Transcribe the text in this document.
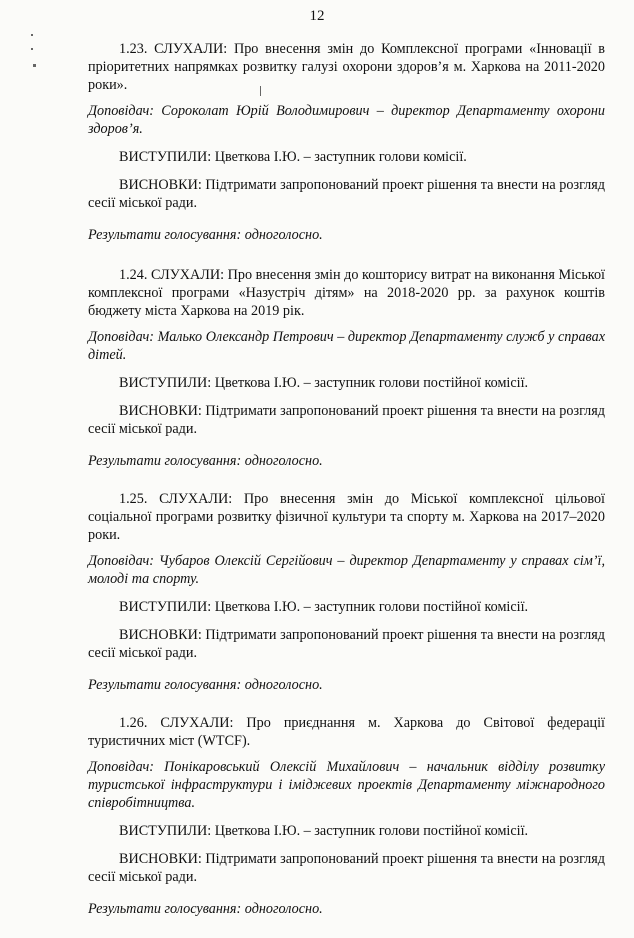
12

1.23. СЛУХАЛИ: Про внесення змін до Комплексної програми «Інновації в пріоритетних напрямках розвитку галузі охорони здоров’я м. Харкова на 2011-2020 роки».

Доповідач: Сороколат Юрій Володимирович – директор Департаменту охорони здоров’я.

ВИСТУПИЛИ: Цветкова І.Ю. – заступник голови комісії.

ВИСНОВКИ: Підтримати запропонований проект рішення та внести на розгляд сесії міської ради.

Результати голосування: одноголосно.

1.24. СЛУХАЛИ: Про внесення змін до кошторису витрат на виконання Міської комплексної програми «Назустріч дітям» на 2018-2020 рр. за рахунок коштів бюджету міста Харкова на 2019 рік.

Доповідач: Малько Олександр Петрович – директор Департаменту служб у справах дітей.

ВИСТУПИЛИ: Цветкова І.Ю. – заступник голови постійної комісії.

ВИСНОВКИ: Підтримати запропонований проект рішення та внести на розгляд сесії міської ради.

Результати голосування: одноголосно.

1.25. СЛУХАЛИ: Про внесення змін до Міської комплексної цільової соціальної програми розвитку фізичної культури та спорту м. Харкова на 2017–2020 роки.

Доповідач: Чубаров Олексій Сергійович – директор Департаменту у справах сім’ї, молоді та спорту.

ВИСТУПИЛИ: Цветкова І.Ю. – заступник голови постійної комісії.

ВИСНОВКИ: Підтримати запропонований проект рішення та внести на розгляд сесії міської ради.

Результати голосування: одноголосно.

1.26. СЛУХАЛИ: Про приєднання м. Харкова до Світової федерації туристичних міст (WTCF).

Доповідач: Понікаровський Олексій Михайлович – начальник відділу розвитку туристської інфраструктури і іміджевих проектів Департаменту міжнародного співробітництва.

ВИСТУПИЛИ: Цветкова І.Ю. – заступник голови постійної комісії.

ВИСНОВКИ: Підтримати запропонований проект рішення та внести на розгляд сесії міської ради.

Результати голосування: одноголосно.
